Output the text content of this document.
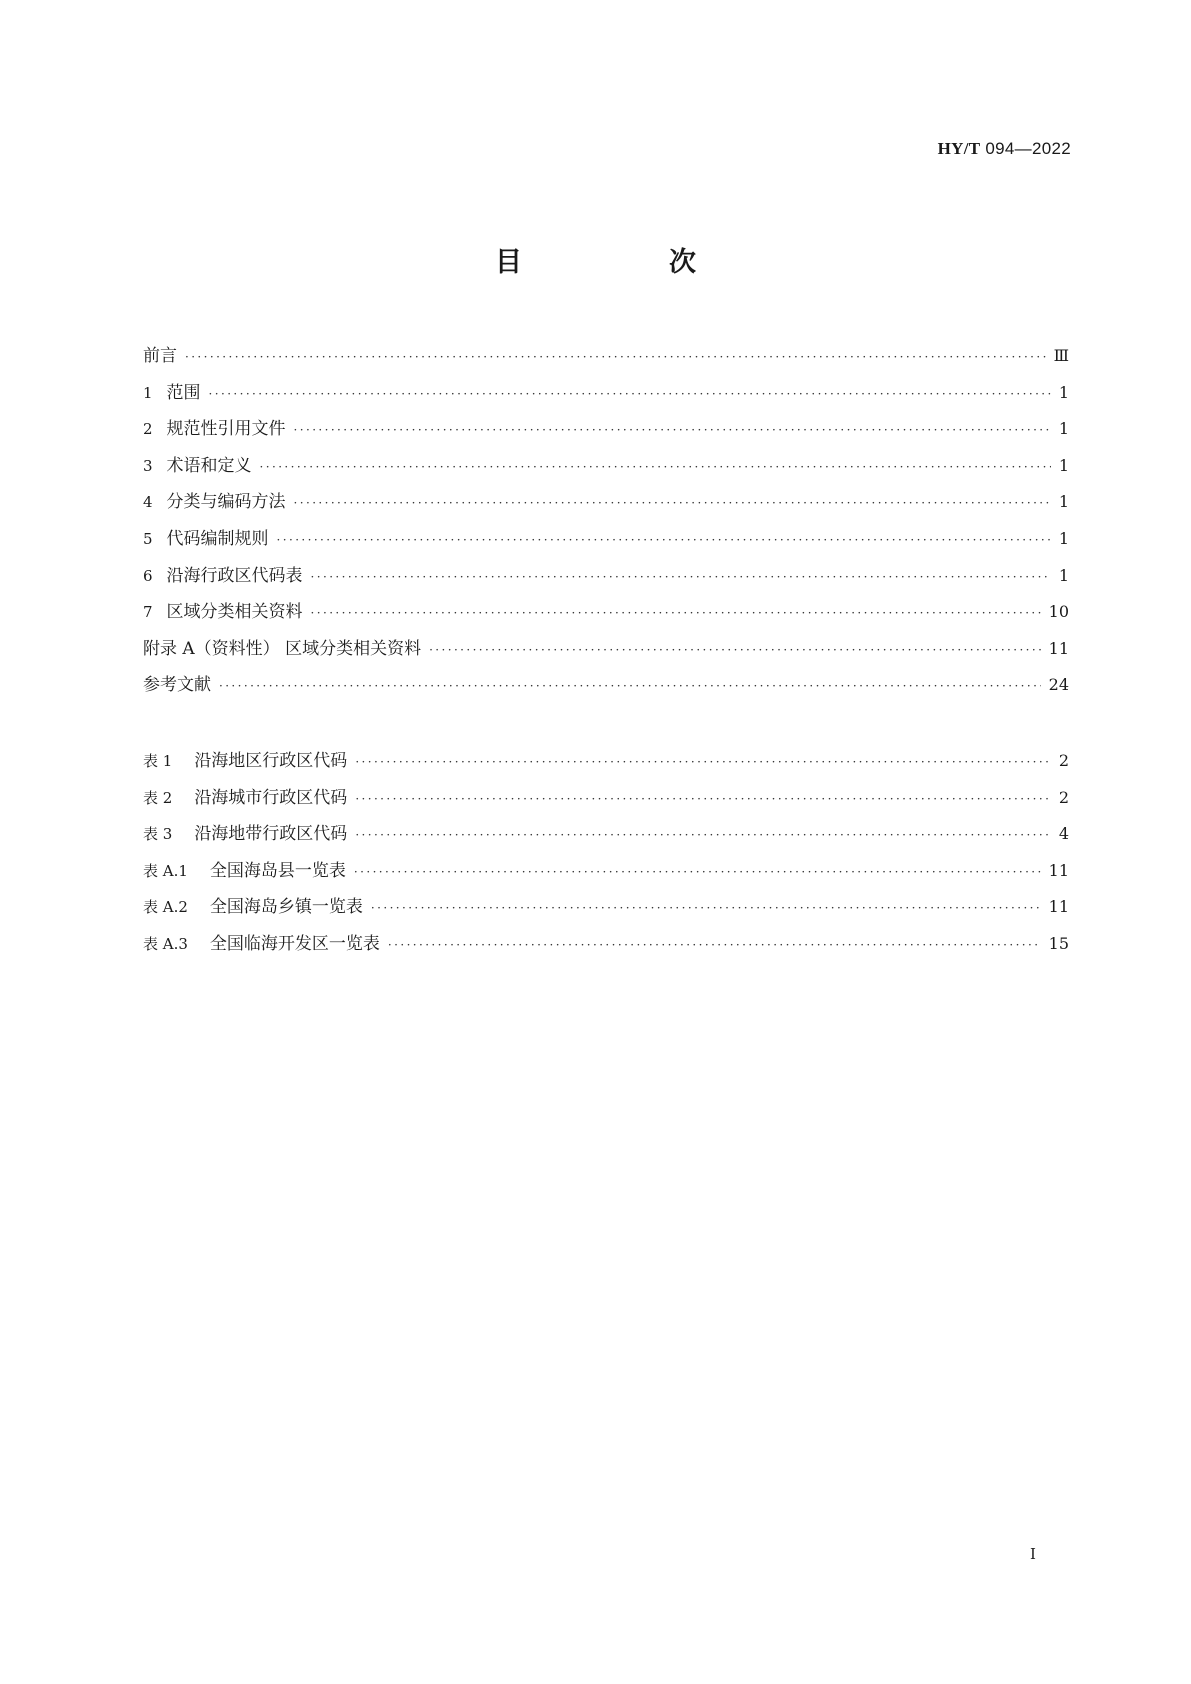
HY/T 094—2022
目　次
前言 ·····	Ⅲ
1 范围 ·····	1
2 规范性引用文件 ·····	1
3 术语和定义 ·····	1
4 分类与编码方法 ·····	1
5 代码编制规则 ·····	1
6 沿海行政区代码表 ·····	1
7 区域分类相关资料 ·····	10
附录 A（资料性） 区域分类相关资料 ·····	11
参考文献 ·····	24
表 1 沿海地区行政区代码 ·····	2
表 2 沿海城市行政区代码 ·····	2
表 3 沿海地带行政区代码 ·····	4
表 A.1 全国海岛县一览表 ·····	11
表 A.2 全国海岛乡镇一览表 ·····	11
表 A.3 全国临海开发区一览表 ·····	15
I
